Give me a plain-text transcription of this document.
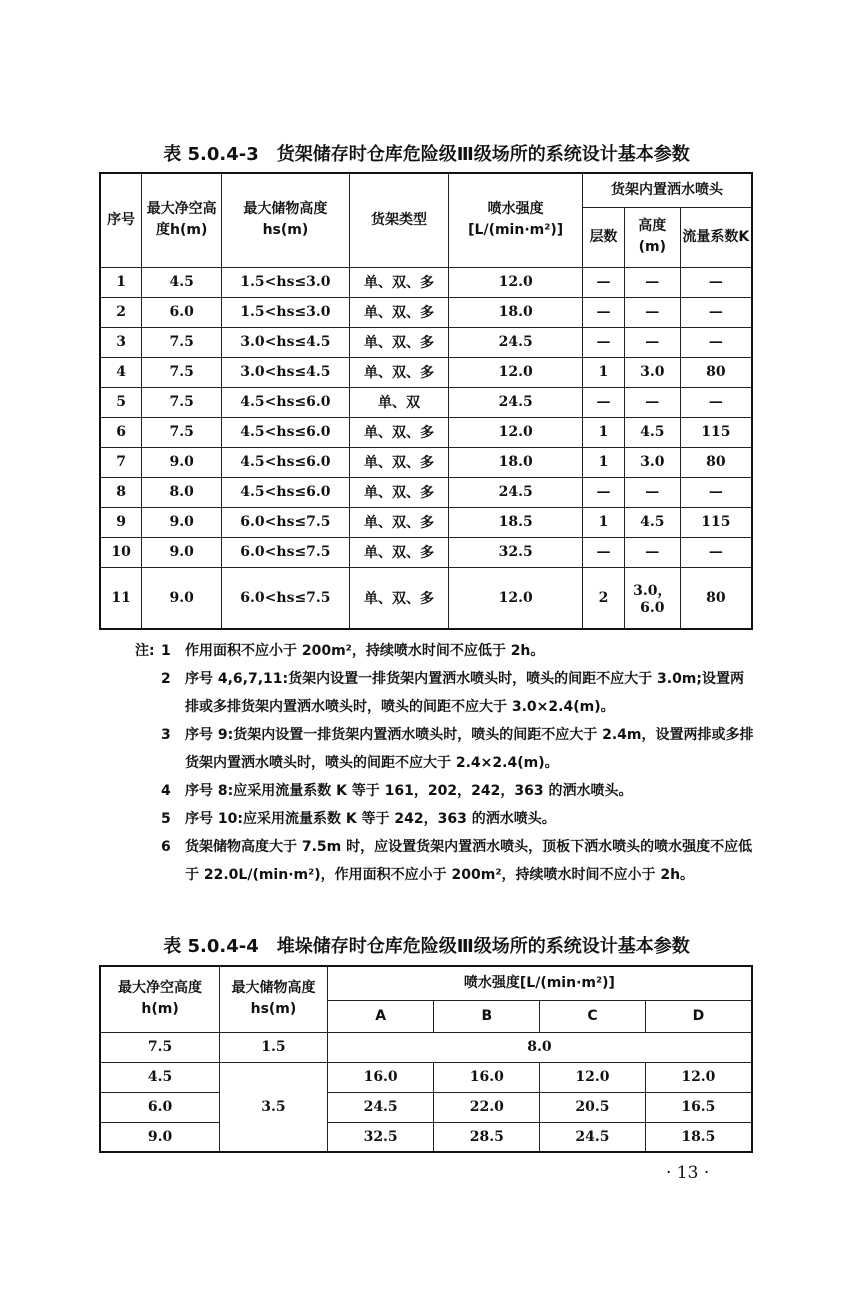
表 5.0.4-3　货架储存时仓库危险级Ⅲ级场所的系统设计基本参数
序号	最大净空高度h(m)	最大储物高度hs(m)	货架类型	喷水强度[L/(min·m²)]	货架内置洒水喷头		
					层数	高度(m)	流量系数K
1	4.5	1.5<hs≤3.0	单、双、多	12.0	—	—	—
2	6.0	1.5<hs≤3.0	单、双、多	18.0	—	—	—
3	7.5	3.0<hs≤4.5	单、双、多	24.5	—	—	—
4	7.5	3.0<hs≤4.5	单、双、多	12.0	1	3.0	80
5	7.5	4.5<hs≤6.0	单、双	24.5	—	—	—
6	7.5	4.5<hs≤6.0	单、双、多	12.0	1	4.5	115
7	9.0	4.5<hs≤6.0	单、双、多	18.0	1	3.0	80
8	8.0	4.5<hs≤6.0	单、双、多	24.5	—	—	—
9	9.0	6.0<hs≤7.5	单、双、多	18.5	1	4.5	115
10	9.0	6.0<hs≤7.5	单、双、多	32.5	—	—	—
11	9.0	6.0<hs≤7.5	单、双、多	12.0	2	3.0，6.0	80
注: 1	作用面积不应小于 200m²，持续喷水时间不应低于 2h。
2	序号 4,6,7,11:货架内设置一排货架内置洒水喷头时，喷头的间距不应大于 3.0m;设置两排或多排货架内置洒水喷头时，喷头的间距不应大于 3.0×2.4(m)。
3	序号 9:货架内设置一排货架内置洒水喷头时，喷头的间距不应大于 2.4m，设置两排或多排货架内置洒水喷头时，喷头的间距不应大于 2.4×2.4(m)。
4	序号 8:应采用流量系数 K 等于 161，202，242，363 的洒水喷头。
5	序号 10:应采用流量系数 K 等于 242，363 的洒水喷头。
6	货架储物高度大于 7.5m 时，应设置货架内置洒水喷头，顶板下洒水喷头的喷水强度不应低于 22.0L/(min·m²)，作用面积不应小于 200m²，持续喷水时间不应小于 2h。
表 5.0.4-4　堆垛储存时仓库危险级Ⅲ级场所的系统设计基本参数
最大净空高度 h(m)	最大储物高度 hs(m)	喷水强度[L/(min·m²)]			
		A	B	C	D
7.5	1.5	8.0			
4.5	3.5	16.0	16.0	12.0	12.0
6.0		24.5	22.0	20.5	16.5
9.0		32.5	28.5	24.5	18.5
· 13 ·
